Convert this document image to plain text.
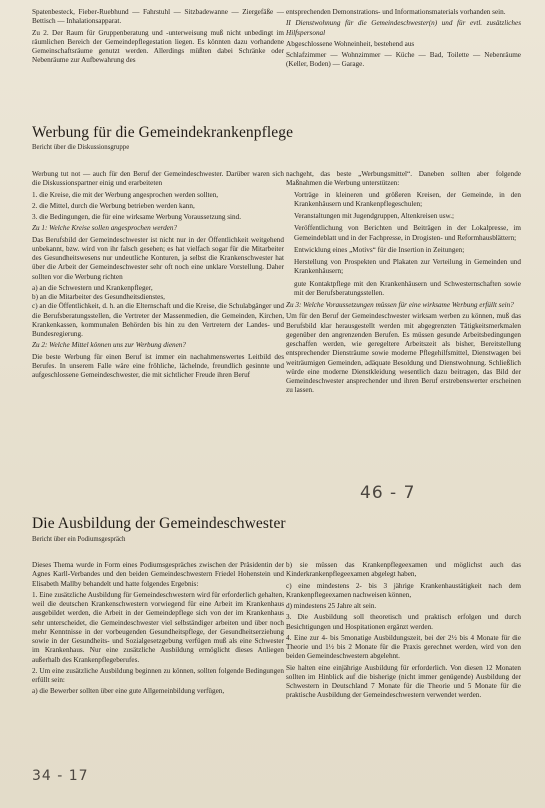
Spatenbesteck, Fieber-Ruebhund — Fahrstuhl — Sitzbadewanne — Ziergefäße — Bettisch — Inhalationsapparat.

Zu 2. Der Raum für Gruppenberatung und -unterweisung muß nicht unbedingt im räumlichen Bereich der Gemeindepflegestation liegen. Es könnten dazu vorhandene Gemeinschaftsräume genutzt werden. Allerdings müßten dabei Schränke oder Nebenräume zur Aufbewahrung des

entsprechenden Demonstrations- und Informationsmaterials vorhanden sein.

II Dienstwohnung für die Gemeindeschwester(n) und für evtl. zusätzliches Hilfspersonal

Abgeschlossene Wohneinheit, bestehend aus

Schlafzimmer — Wohnzimmer — Küche — Bad, Toilette — Nebenräume (Keller, Boden) — Garage.

Werbung für die Gemeindekrankenpflege

Bericht über die Diskussionsgruppe

Werbung tut not — auch für den Beruf der Gemeindeschwester. Darüber waren sich die Diskussionspartner einig und erarbeiteten

1. die Kreise, die mit der Werbung angesprochen werden sollten,

2. die Mittel, durch die Werbung betrieben werden kann,

3. die Bedingungen, die für eine wirksame Werbung Voraussetzung sind.

Zu 1: Welche Kreise sollen angesprochen werden?

Das Berufsbild der Gemeindeschwester ist nicht nur in der Öffentlichkeit weitgehend unbekannt, bzw. wird von ihr falsch gesehen; es hat vielfach sogar für die Mitarbeiter des Gesundheitswesens nur undeutliche Konturen, ja selbst die Krankenschwester hat über die Arbeit der Gemeindeschwester sehr oft noch eine unklare Vorstellung. Daher sollten vor die Werbung richten

a) an die Schwestern und Krankenpfleger,

b) an die Mitarbeiter des Gesundheitsdienstes,

c) an die Öffentlichkeit, d. h. an die Elternschaft und die Kreise, die Schulabgänger und die Berufsberatungsstellen, die Vertreter der Massenmedien, die Gemeinden, Kirchen, Krankenkassen, kommunalen Behörden bis hin zu den Vertretern der Landes- und Bundesregierung.

Zu 2: Welche Mittel können uns zur Werbung dienen?

Die beste Werbung für einen Beruf ist immer ein nachahmenswertes Leitbild des Berufes. In unserem Falle wäre eine fröhliche, lächelnde, freundlich gesinnte und aufgeschlossene Gemeindeschwester, die mit sichtlicher Freude ihren Beruf

nachgeht, das beste „Werbungsmittel“. Daneben sollten aber folgende Maßnahmen die Werbung unterstützen:

Vorträge in kleineren und größeren Kreisen, der Gemeinde, in den Krankenhäusern und Krankenpflegeschulen;

Veranstaltungen mit Jugendgruppen, Altenkreisen usw.;

Veröffentlichung von Berichten und Beiträgen in der Lokalpresse, im Gemeindeblatt und in der Fachpresse, in Drogisten- und Reformhausblättern;

Entwicklung eines „Motivs“ für die Insertion in Zeitungen;

Herstellung von Prospekten und Plakaten zur Verteilung in Gemeinden und Krankenhäusern;

gute Kontaktpflege mit den Krankenhäusern und Schwesternschaften sowie mit der Berufsberatungsstellen.

Zu 3: Welche Voraussetzungen müssen für eine wirksame Werbung erfüllt sein?

Um für den Beruf der Gemeindeschwester wirksam werben zu können, muß das Berufsbild klar herausgestellt werden mit abgegrenzten Tätigkeitsmerkmalen gegenüber den angrenzenden Berufen. Es müssen gesunde Arbeitsbedingungen geschaffen werden, wie geregeltere Arbeitszeit als bisher, Bereitstellung entsprechender Diensträume sowie moderne Pflegehilfsmittel, Dienstwagen bei weiträumigen Gemeinden, adäquate Besoldung und Dienstwohnung. Schließlich würde eine moderne Dienstkleidung wesentlich dazu beitragen, das Bild der Gemeindeschwester ansprechender und ihren Beruf erstrebenswerter erscheinen zu lassen.

46 - 7
Die Ausbildung der Gemeindeschwester

Bericht über ein Podiumsgespräch

Dieses Thema wurde in Form eines Podiumsgespräches zwischen der Präsidentin der Agnes Karll-Verbandes und den beiden Gemeindeschwestern Friedel Hohenstein und Elisabeth Mallby behandelt und hatte folgendes Ergebnis:

1. Eine zusätzliche Ausbildung für Gemeindeschwestern wird für erforderlich gehalten, weil die deutschen Krankenschwestern vorwiegend für eine Arbeit im Krankenhaus ausgebildet werden, die Arbeit in der Gemeindepflege sich von der im Krankenhaus sehr unterscheidet, die Gemeindeschwester viel selbständiger arbeiten und über noch mehr Kenntnisse in der vorbeugenden Gesundheitspflege, der Gesundheitserziehung sowie in der Gesundheits- und Sozialgesetzgebung verfügen muß als eine Schwester im Krankenhaus. Nur eine zusätzliche Ausbildung ermöglicht dieses Anliegen außerhalb des Krankenpflegeberufes.

2. Um eine zusätzliche Ausbildung beginnen zu können, sollten folgende Bedingungen erfüllt sein:

a) die Bewerber sollten über eine gute Allgemeinbildung verfügen,

b) sie müssen das Krankenpflegeexamen und möglichst auch das Kinderkrankenpflegeexamen abgelegt haben,

c) eine mindestens 2- bis 3 jährige Krankenhaustätigkeit nach dem Krankenpflegeexamen nachweisen können,

d) mindestens 25 Jahre alt sein.

3. Die Ausbildung soll theoretisch und praktisch erfolgen und durch Besichtigungen und Hospitationen ergänzt werden.

4. Eine zur 4- bis 5monatige Ausbildungszeit, bei der 2½ bis 4 Monate für die Theorie und 1½ bis 2 Monate für die Praxis gerechnet werden, wird von den beiden Gemeindeschwestern abgelehnt.

Sie halten eine einjährige Ausbildung für erforderlich. Von diesen 12 Monaten sollten im Hinblick auf die bisherige (nicht immer genügende) Ausbildung der Schwestern in Deutschland 7 Monate für die Theorie und 5 Monate für die praktische Ausbildung der Gemeindeschwestern verwendet werden.

34 - 17
